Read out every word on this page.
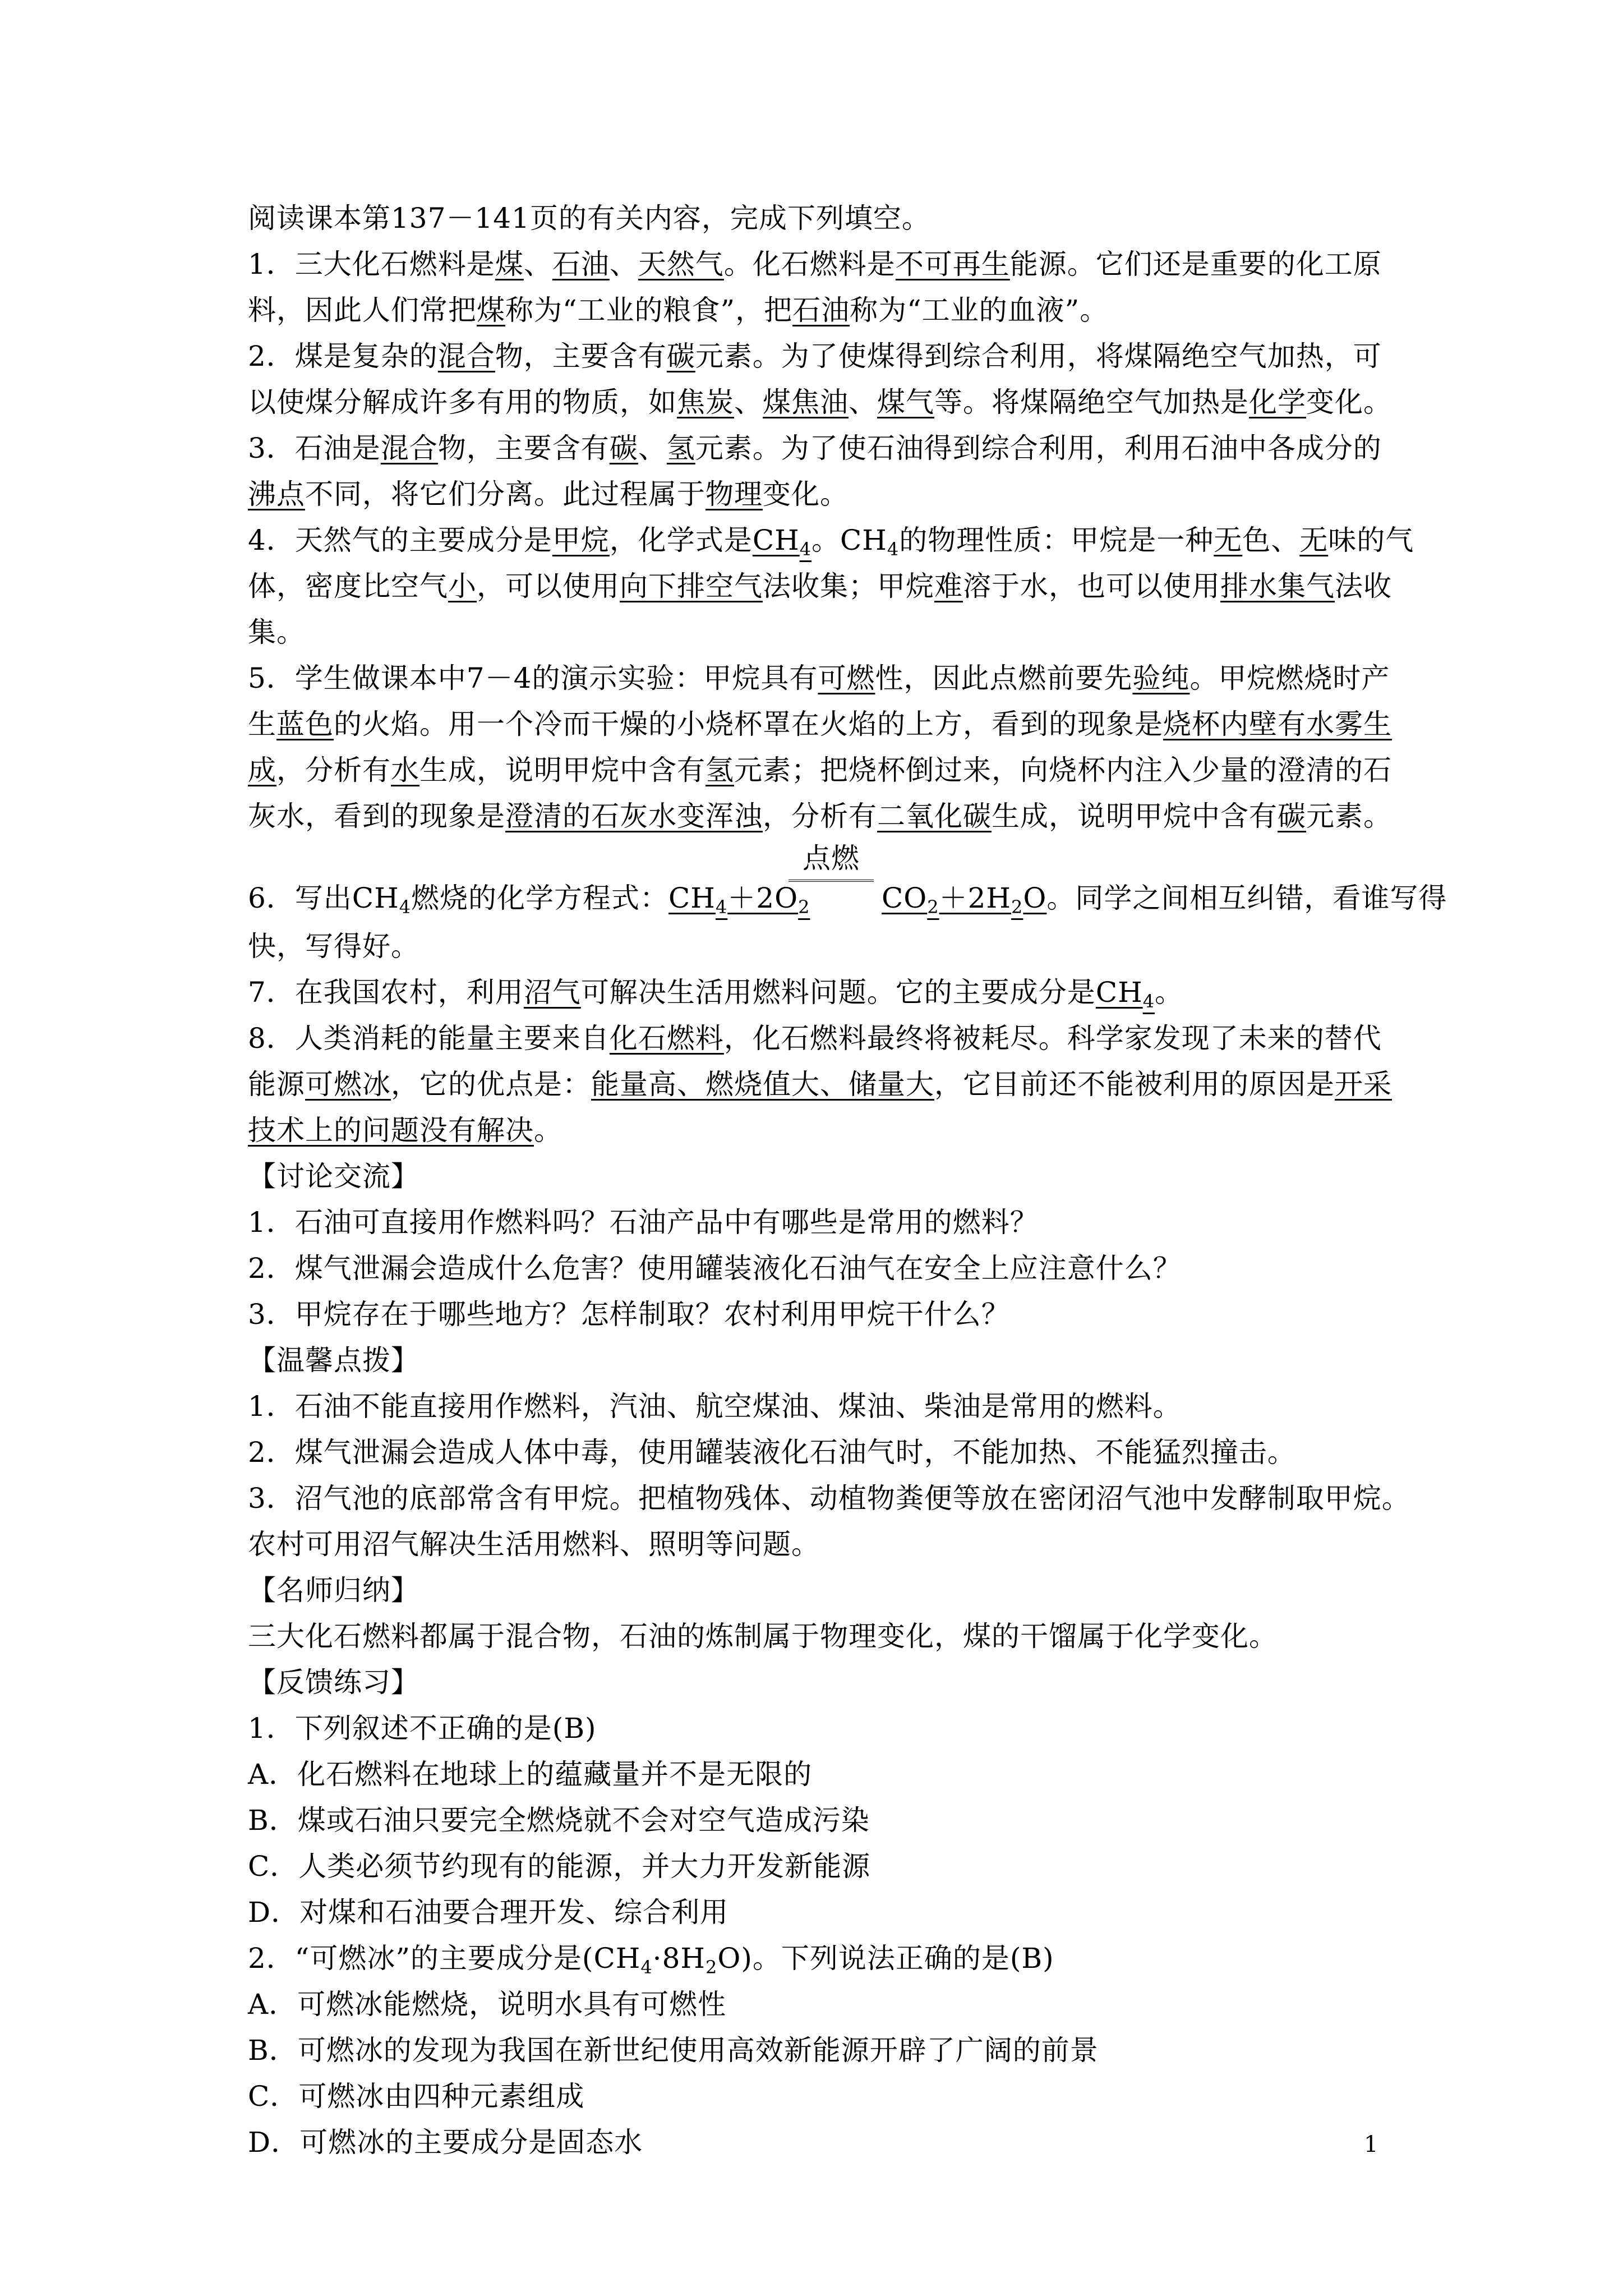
阅读课本第137－141页的有关内容，完成下列填空。
1．三大化石燃料是煤、石油、天然气。化石燃料是不可再生能源。它们还是重要的化工原
料，因此人们常把煤称为“工业的粮食”，把石油称为“工业的血液”。
2．煤是复杂的混合物，主要含有碳元素。为了使煤得到综合利用，将煤隔绝空气加热，可
以使煤分解成许多有用的物质，如焦炭、煤焦油、煤气等。将煤隔绝空气加热是化学变化。
3．石油是混合物，主要含有碳、氢元素。为了使石油得到综合利用，利用石油中各成分的
沸点不同，将它们分离。此过程属于物理变化。
4．天然气的主要成分是甲烷，化学式是$CH_4$。$CH_4$的物理性质：甲烷是一种无色、无味的气
体，密度比空气小，可以使用向下排空气法收集；甲烷难溶于水，也可以使用排水集气法收
集。
5．学生做课本中7－4的演示实验：甲烷具有可燃性，因此点燃前要先验纯。甲烷燃烧时产
生蓝色的火焰。用一个冷而干燥的小烧杯罩在火焰的上方，看到的现象是烧杯内壁有水雾生
成，分析有水生成，说明甲烷中含有氢元素；把烧杯倒过来，向烧杯内注入少量的澄清的石
灰水，看到的现象是澄清的石灰水变浑浊，分析有二氧化碳生成，说明甲烷中含有碳元素。
6．写出$CH_4$燃烧的化学方程式：$CH_4+2O_2$
点燃
$CO_2+2H_2O$。同学之间相互纠错，看谁写得
快，写得好。
7．在我国农村，利用沼气可解决生活用燃料问题。它的主要成分是$CH_4$。
8．人类消耗的能量主要来自化石燃料，化石燃料最终将被耗尽。科学家发现了未来的替代
能源可燃冰，它的优点是：能量高、燃烧值大、储量大，它目前还不能被利用的原因是开采
技术上的问题没有解决。
【讨论交流】
1．石油可直接用作燃料吗？石油产品中有哪些是常用的燃料？
2．煤气泄漏会造成什么危害？使用罐装液化石油气在安全上应注意什么？
3．甲烷存在于哪些地方？怎样制取？农村利用甲烷干什么？
【温馨点拨】
1．石油不能直接用作燃料，汽油、航空煤油、煤油、柴油是常用的燃料。
2．煤气泄漏会造成人体中毒，使用罐装液化石油气时，不能加热、不能猛烈撞击。
3．沼气池的底部常含有甲烷。把植物残体、动植物粪便等放在密闭沼气池中发酵制取甲烷。
农村可用沼气解决生活用燃料、照明等问题。
【名师归纳】
三大化石燃料都属于混合物，石油的炼制属于物理变化，煤的干馏属于化学变化。
【反馈练习】
1．下列叙述不正确的是(B)
A．化石燃料在地球上的蕴藏量并不是无限的
B．煤或石油只要完全燃烧就不会对空气造成污染
C．人类必须节约现有的能源，并大力开发新能源
D．对煤和石油要合理开发、综合利用
2．“可燃冰”的主要成分是$(CH_4\cdot 8H_2O)$。下列说法正确的是(B)
A．可燃冰能燃烧，说明水具有可燃性
B．可燃冰的发现为我国在新世纪使用高效新能源开辟了广阔的前景
C．可燃冰由四种元素组成
D．可燃冰的主要成分是固态水	1
